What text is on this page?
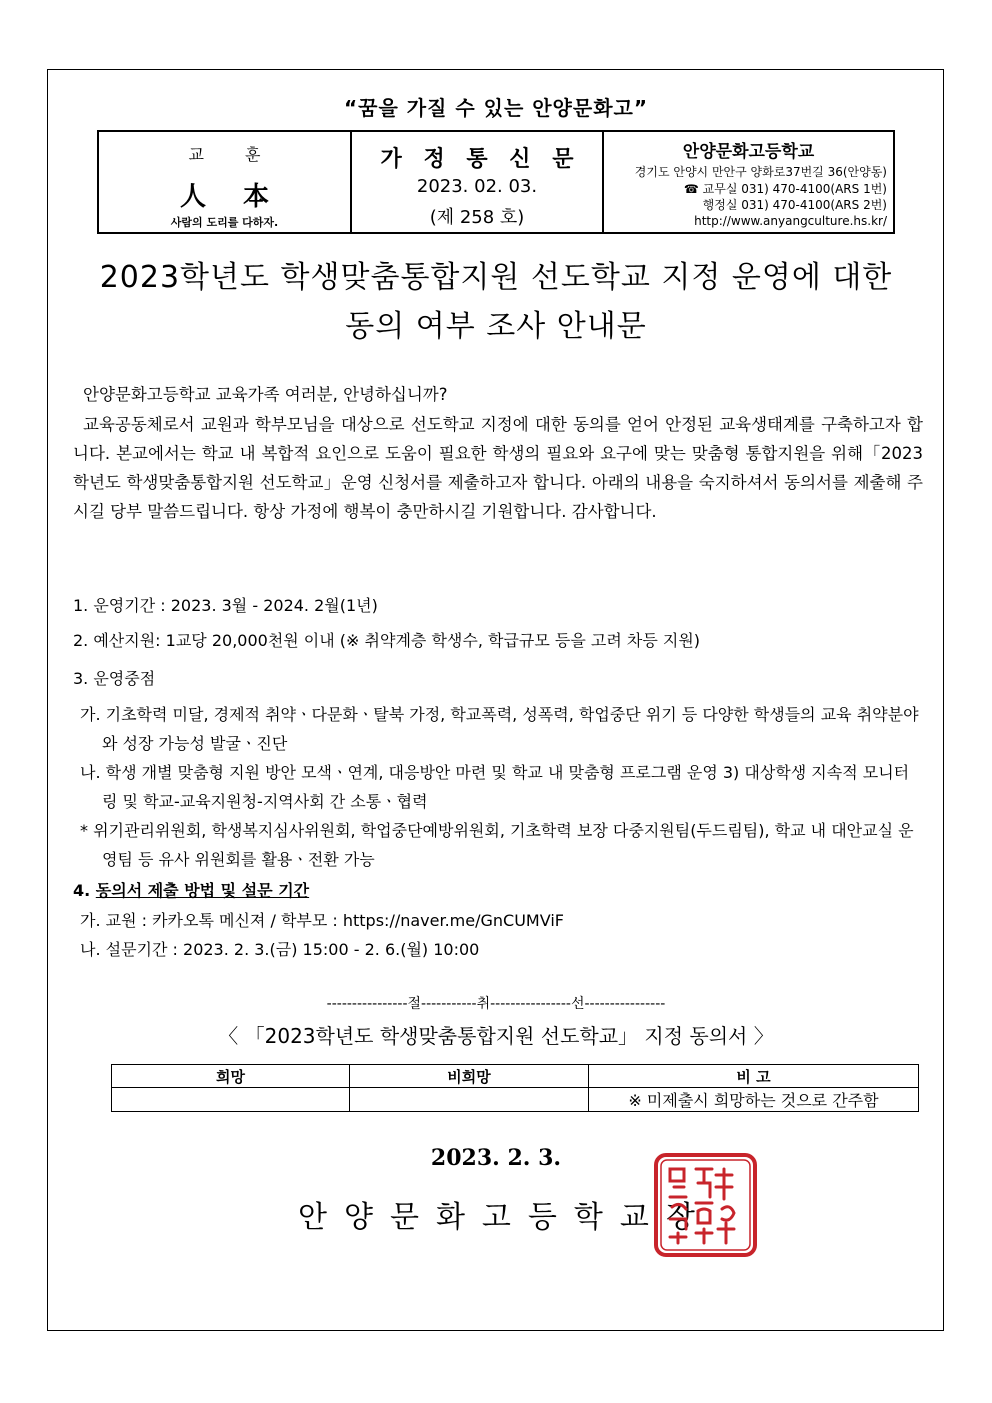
“꿈을 가질 수 있는 안양문화고”
교 훈
人 本
사람의 도리를 다하자.
가 정 통 신 문
2023. 02. 03.
(제 258 호)
안양문화고등학교
경기도 안양시 만안구 양화로37번길 36(안양동)
☎ 교무실 031) 470-4100(ARS 1번)
행정실 031) 470-4100(ARS 2번)
http://www.anyangculture.hs.kr/
2023학년도 학생맞춤통합지원 선도학교 지정 운영에 대한
동의 여부 조사 안내문
안양문화고등학교 교육가족 여러분, 안녕하십니까?
교육공동체로서 교원과 학부모님을 대상으로 선도학교 지정에 대한 동의를 얻어 안정된 교육생태계를 구축하고자 합니다. 본교에서는 학교 내 복합적 요인으로 도움이 필요한 학생의 필요와 요구에 맞는 맞춤형 통합지원을 위해「2023학년도 학생맞춤통합지원 선도학교」운영 신청서를 제출하고자 합니다. 아래의 내용을 숙지하셔서 동의서를 제출해 주시길 당부 말씀드립니다. 항상 가정에 행복이 충만하시길 기원합니다. 감사합니다.
1. 운영기간 : 2023. 3월 - 2024. 2월(1년)
2. 예산지원: 1교당 20,000천원 이내 (※ 취약계층 학생수, 학급규모 등을 고려 차등 지원)
3. 운영중점
가. 기초학력 미달, 경제적 취약ㆍ다문화ㆍ탈북 가정, 학교폭력, 성폭력, 학업중단 위기 등 다양한 학생들의 교육 취약분야와 성장 가능성 발굴ㆍ진단
나. 학생 개별 맞춤형 지원 방안 모색ㆍ연계, 대응방안 마련 및 학교 내 맞춤형 프로그램 운영 3) 대상학생 지속적 모니터링 및 학교-교육지원청-지역사회 간 소통ㆍ협력
* 위기관리위원회, 학생복지심사위원회, 학업중단예방위원회, 기초학력 보장 다중지원팀(두드림팀), 학교 내 대안교실 운영팀 등 유사 위원회를 활용ㆍ전환 가능
4. 동의서 제출 방법 및 설문 기간
가. 교원 : 카카오톡 메신져 / 학부모 : https://naver.me/GnCUMViF
나. 설문기간 : 2023. 2. 3.(금) 15:00 - 2. 6.(월) 10:00
----------------절-----------취----------------선----------------
〈 「2023학년도 학생맞춤통합지원 선도학교」 지정 동의서 〉
희망	비희망	비 고
		※ 미제출시 희망하는 것으로 간주함
2023. 2. 3.
안양문화고등학교장
